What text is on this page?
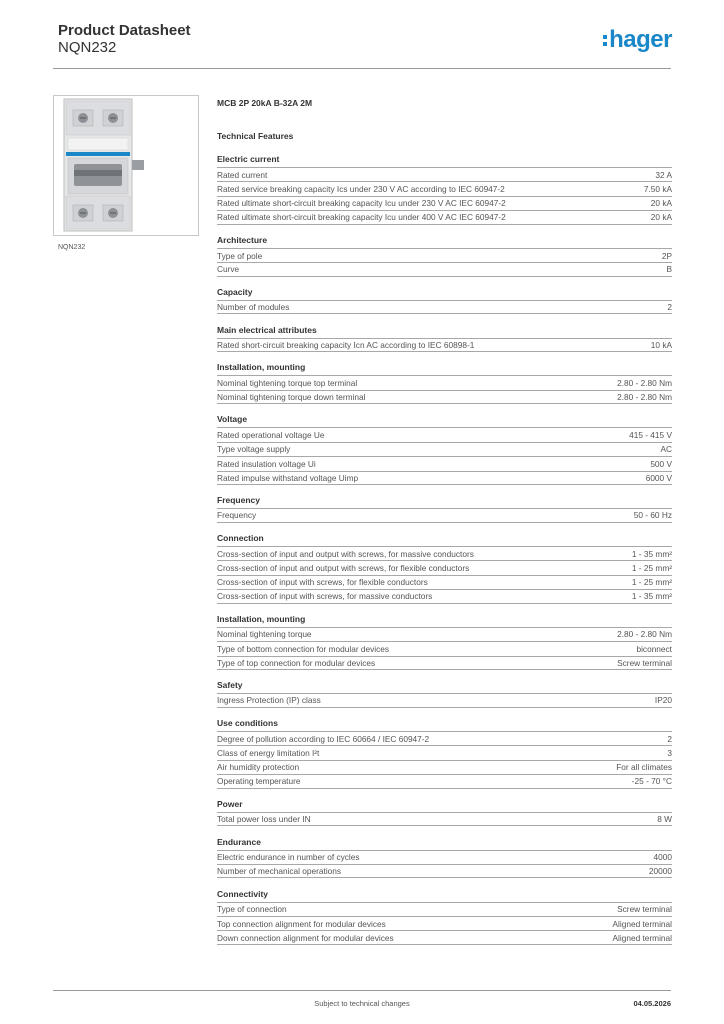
Product Datasheet
NQN232	hager
NQN232
MCB 2P 20kA B-32A 2M
Technical Features
Electric current
Rated current	32 A
Rated service breaking capacity Ics under 230 V AC according to IEC 60947-2	7.50 kA
Rated ultimate short-circuit breaking capacity Icu under 230 V AC IEC 60947-2	20 kA
Rated ultimate short-circuit breaking capacity Icu under 400 V AC IEC 60947-2	20 kA
Architecture
Type of pole	2P
Curve	B
Capacity
Number of modules	2
Main electrical attributes
Rated short-circuit breaking capacity Icn AC according to IEC 60898-1	10 kA
Installation, mounting
Nominal tightening torque top terminal	2.80 - 2.80 Nm
Nominal tightening torque down terminal	2.80 - 2.80 Nm
Voltage
Rated operational voltage Ue	415 - 415 V
Type voltage supply	AC
Rated insulation voltage Ui	500 V
Rated impulse withstand voltage Uimp	6000 V
Frequency
Frequency	50 - 60 Hz
Connection
Cross-section of input and output with screws, for massive conductors	1 - 35 mm²
Cross-section of input and output with screws, for flexible conductors	1 - 25 mm²
Cross-section of input with screws, for flexible conductors	1 - 25 mm²
Cross-section of input with screws, for massive conductors	1 - 35 mm²
Installation, mounting
Nominal tightening torque	2.80 - 2.80 Nm
Type of bottom connection for modular devices	biconnect
Type of top connection for modular devices	Screw terminal
Safety
Ingress Protection (IP) class	IP20
Use conditions
Degree of pollution according to IEC 60664 / IEC 60947-2	2
Class of energy limitation I²t	3
Air humidity protection	For all climates
Operating temperature	-25 - 70 °C
Power
Total power loss under IN	8 W
Endurance
Electric endurance in number of cycles	4000
Number of mechanical operations	20000
Connectivity
Type of connection	Screw terminal
Top connection alignment for modular devices	Aligned terminal
Down connection alignment for modular devices	Aligned terminal
Subject to technical changes	04.05.2026
